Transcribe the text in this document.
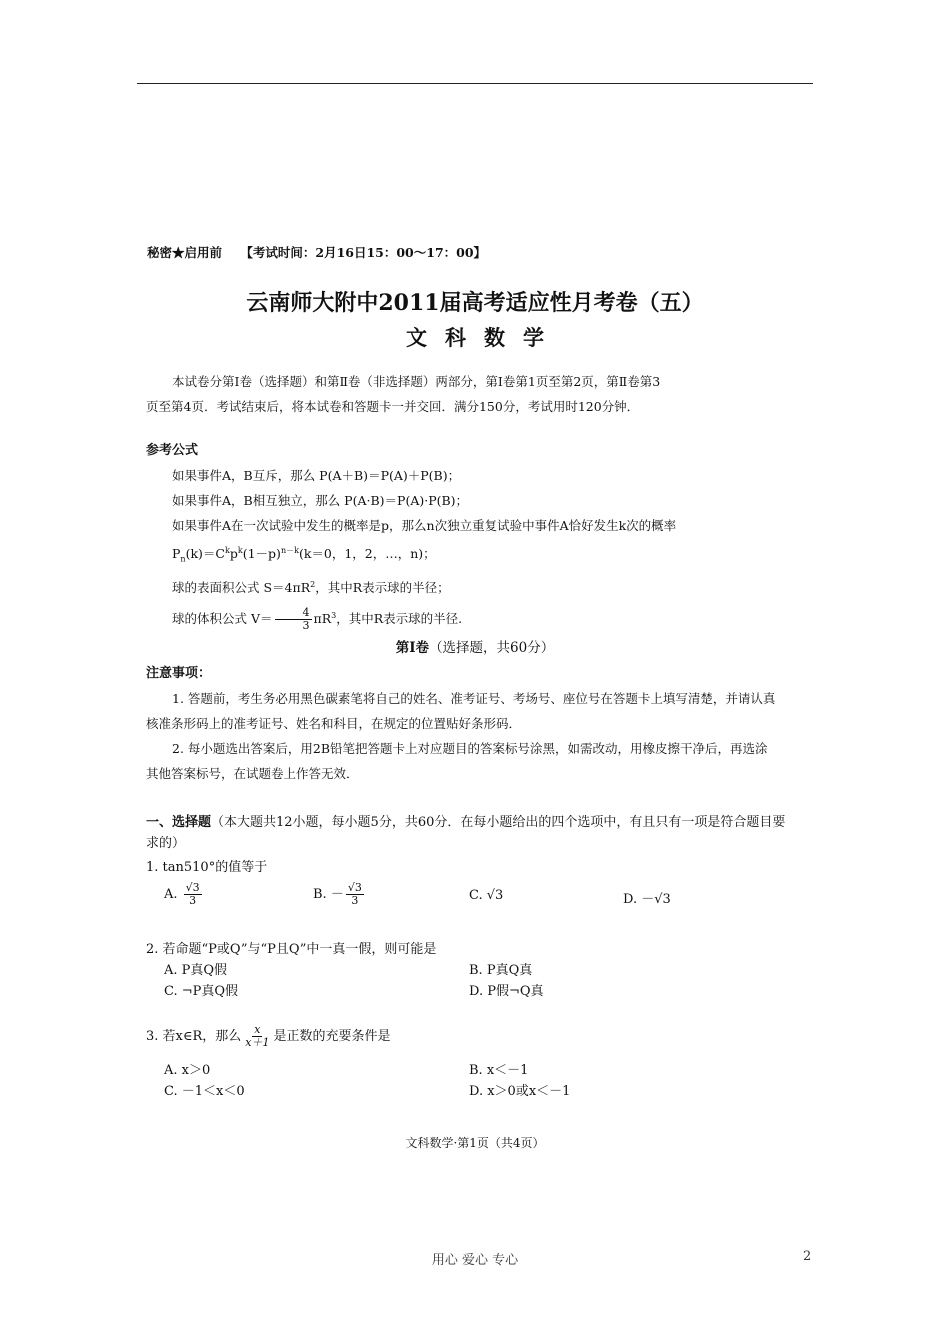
秘密★启用前 【考试时间：2月16日15：00～17：00】
云南师大附中2011届高考适应性月考卷（五）
文科数学
本试卷分第Ⅰ卷（选择题）和第Ⅱ卷（非选择题）两部分，第Ⅰ卷第1页至第2页，第Ⅱ卷第3
页至第4页．考试结束后，将本试卷和答题卡一并交回．满分150分，考试用时120分钟．
参考公式
如果事件A，B互斥，那么 P(A＋B)＝P(A)＋P(B)；
如果事件A，B相互独立，那么 P(A·B)＝P(A)·P(B)；
如果事件A在一次试验中发生的概率是p，那么n次独立重复试验中事件A恰好发生k次的概率
$P_n(k)=C^kp^k(1-p)^{n-k}(k=0$，1，2，…，n)；
球的表面积公式 $S=4\pi R^2$，其中R表示球的半径；
球的体积公式 $V= \frac{4}{3} \pi R^3$，其中R表示球的半径.
第Ⅰ卷（选择题，共60分）
注意事项：
1. 答题前，考生务必用黑色碳素笔将自己的姓名、准考证号、考场号、座位号在答题卡上填写清楚，并请认真核准条形码上的准考证号、姓名和科目，在规定的位置贴好条形码．
2. 每小题选出答案后，用2B铅笔把答题卡上对应题目的答案标号涂黑，如需改动，用橡皮擦干净后，再选涂其他答案标号，在试题卷上作答无效．
一、选择题（本大题共12小题，每小题5分，共60分．在每小题给出的四个选项中，有且只有一项是符合题目要求的）
1. tan510°的值等于
A. $\frac{√3}{3}$	B. － $\frac{√3}{3}$	C. √3	D. －√3
2. 若命题“P或Q”与“P且Q”中一真一假，则可能是
A. P真Q假	B. P真Q真
C. ¬P真Q假	D. P假¬Q真
3. 若x∈R，那么 $\frac{x}{x+1}$ 是正数的充要条件是
A. x＞0	B. x＜－1
C. －1＜x＜0	D. x＞0或x＜－1
文科数学·第1页（共4页）
用心 爱心 专心	2
